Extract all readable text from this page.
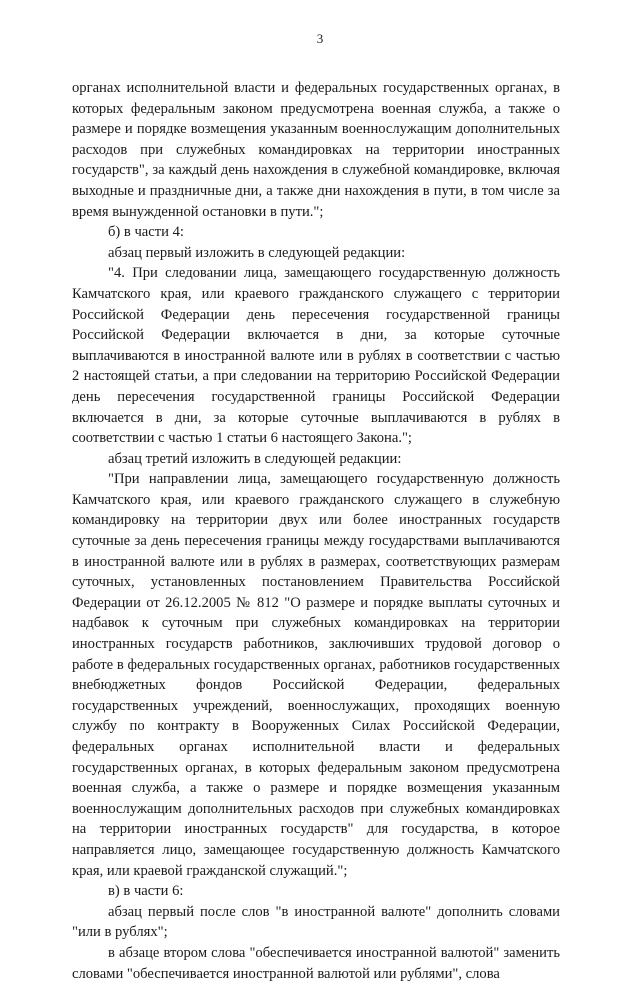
3

органах исполнительной власти и федеральных государственных органах, в которых федеральным законом предусмотрена военная служба, а также о размере и порядке возмещения указанным военнослужащим дополнительных расходов при служебных командировках на территории иностранных государств", за каждый день нахождения в служебной командировке, включая выходные и праздничные дни, а также дни нахождения в пути, в том числе за время вынужденной остановки в пути.";

б) в части 4:

абзац первый изложить в следующей редакции:

"4. При следовании лица, замещающего государственную должность Камчатского края, или краевого гражданского служащего с территории Российской Федерации день пересечения государственной границы Российской Федерации включается в дни, за которые суточные выплачиваются в иностранной валюте или в рублях в соответствии с частью 2 настоящей статьи, а при следовании на территорию Российской Федерации день пересечения государственной границы Российской Федерации включается в дни, за которые суточные выплачиваются в рублях в соответствии с частью 1 статьи 6 настоящего Закона.";

абзац третий изложить в следующей редакции:

"При направлении лица, замещающего государственную должность Камчатского края, или краевого гражданского служащего в служебную командировку на территории двух или более иностранных государств суточные за день пересечения границы между государствами выплачиваются в иностранной валюте или в рублях в размерах, соответствующих размерам суточных, установленных постановлением Правительства Российской Федерации от 26.12.2005 № 812 "О размере и порядке выплаты суточных и надбавок к суточным при служебных командировках на территории иностранных государств работников, заключивших трудовой договор о работе в федеральных государственных органах, работников государственных внебюджетных фондов Российской Федерации, федеральных государственных учреждений, военнослужащих, проходящих военную службу по контракту в Вооруженных Силах Российской Федерации, федеральных органах исполнительной власти и федеральных государственных органах, в которых федеральным законом предусмотрена военная служба, а также о размере и порядке возмещения указанным военнослужащим дополнительных расходов при служебных командировках на территории иностранных государств" для государства, в которое направляется лицо, замещающее государственную должность Камчатского края, или краевой гражданской служащий.";

в) в части 6:

абзац первый после слов "в иностранной валюте" дополнить словами "или в рублях";

в абзаце втором слова "обеспечивается иностранной валютой" заменить словами "обеспечивается иностранной валютой или рублями", слова
